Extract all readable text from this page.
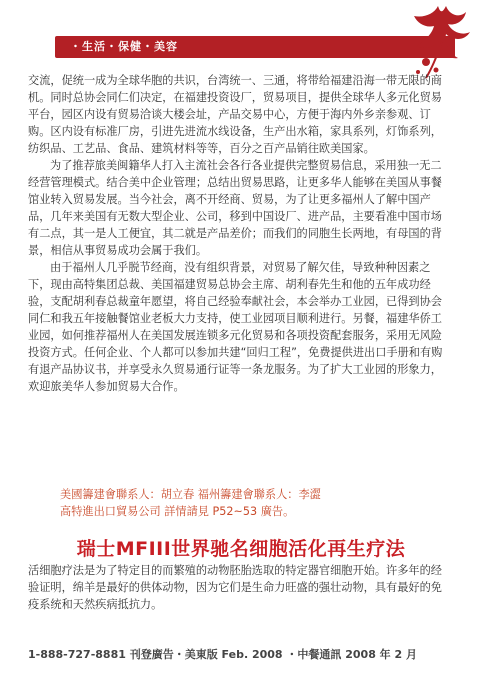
・生活・保健・美容

交流，促统一成为全球华胞的共识，台湾统一、三通，将带给福建沿海一带无限的商机。同时总协会同仁们决定，在福建投资设厂，贸易项目，提供全球华人多元化贸易平台，园区内设有贸易洽谈大楼会址，产品交易中心，方便于海内外乡亲参观、订购。区内设有标准厂房，引进先进流水线设备，生产出水箱，家具系列，灯饰系列，纺织品、工艺品、食品、建筑材料等等，百分之百产品销往欧美国家。

为了推荐旅美闽籍华人打入主流社会各行各业提供完整贸易信息，采用独一无二经营管理模式。结合美中企业管理；总结出贸易思路，让更多华人能够在美国从事餐馆业转入贸易发展。当今社会，离不开经商、贸易，为了让更多福州人了解中国产品，几年来美国有无数大型企业、公司，移到中国设厂、进产品，主要看准中国市场有二点，其一是人工便宜，其二就是产品差价；而我们的同胞生长两地，有母国的背景，相信从事贸易成功会属于我们。

由于福州人几乎脱节经商，没有组织背景，对贸易了解欠佳，导致种种因素之下，现由高特集团总裁、美国福建贸易总协会主席、胡利春先生和他的五年成功经验，支配胡利春总裁童年愿望，将自己经验奉献社会，本会举办工业园，已得到协会同仁和我五年接触餐馆业老板大力支持，使工业园项目顺利进行。另餐，福建华侨工业园，如何推荐福州人在美国发展连锁多元化贸易和各项投资配套服务，采用无风险投资方式。任何企业、个人都可以参加共建“回归工程”，免费提供进出口手册和有购有退产品协议书，并享受永久贸易通行证等一条龙服务。为了扩大工业园的形象力，欢迎旅美华人参加贸易大合作。

美國籌建會聯系人：胡立春 福州籌建會聯系人：李澀
高特進出口貿易公司 詳情請見 P52~53 廣告。
瑞士MFIII世界驰名细胞活化再生疗法
活细胞疗法是为了特定目的而繁殖的动物胚胎选取的特定器官细胞开始。许多年的经验证明，绵羊是最好的供体动物，因为它们是生命力旺盛的强壮动物，具有最好的免疫系统和天然疾病抵抗力。
1-888-727-8881 刊登廣告・美東版 Feb. 2008 ・中餐通訊 2008 年 2 月
